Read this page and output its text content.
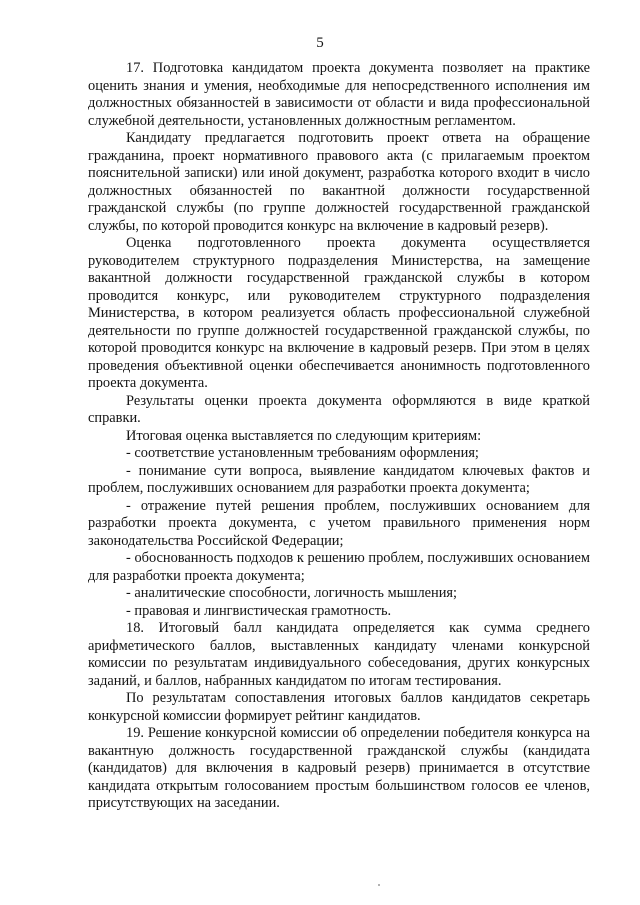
5

17. Подготовка кандидатом проекта документа позволяет на практике оценить знания и умения, необходимые для непосредственного исполнения им должностных обязанностей в зависимости от области и вида профессиональной служебной деятельности, установленных должностным регламентом.

Кандидату предлагается подготовить проект ответа на обращение гражданина, проект нормативного правового акта (с прилагаемым проектом пояснительной записки) или иной документ, разработка которого входит в число должностных обязанностей по вакантной должности государственной гражданской службы (по группе должностей государственной гражданской службы, по которой проводится конкурс на включение в кадровый резерв).

Оценка подготовленного проекта документа осуществляется руководителем структурного подразделения Министерства, на замещение вакантной должности государственной гражданской службы в котором проводится конкурс, или руководителем структурного подразделения Министерства, в котором реализуется область профессиональной служебной деятельности по группе должностей государственной гражданской службы, по которой проводится конкурс на включение в кадровый резерв. При этом в целях проведения объективной оценки обеспечивается анонимность подготовленного проекта документа.

Результаты оценки проекта документа оформляются в виде краткой справки.

Итоговая оценка выставляется по следующим критериям:

- соответствие установленным требованиям оформления;

- понимание сути вопроса, выявление кандидатом ключевых фактов и проблем, послуживших основанием для разработки проекта документа;

- отражение путей решения проблем, послуживших основанием для разработки проекта документа, с учетом правильного применения норм законодательства Российской Федерации;

- обоснованность подходов к решению проблем, послуживших основанием для разработки проекта документа;

- аналитические способности, логичность мышления;

- правовая и лингвистическая грамотность.

18. Итоговый балл кандидата определяется как сумма среднего арифметического баллов, выставленных кандидату членами конкурсной комиссии по результатам индивидуального собеседования, других конкурсных заданий, и баллов, набранных кандидатом по итогам тестирования.

По результатам сопоставления итоговых баллов кандидатов секретарь конкурсной комиссии формирует рейтинг кандидатов.

19. Решение конкурсной комиссии об определении победителя конкурса на вакантную должность государственной гражданской службы (кандидата (кандидатов) для включения в кадровый резерв) принимается в отсутствие кандидата открытым голосованием простым большинством голосов ее членов, присутствующих на заседании.
